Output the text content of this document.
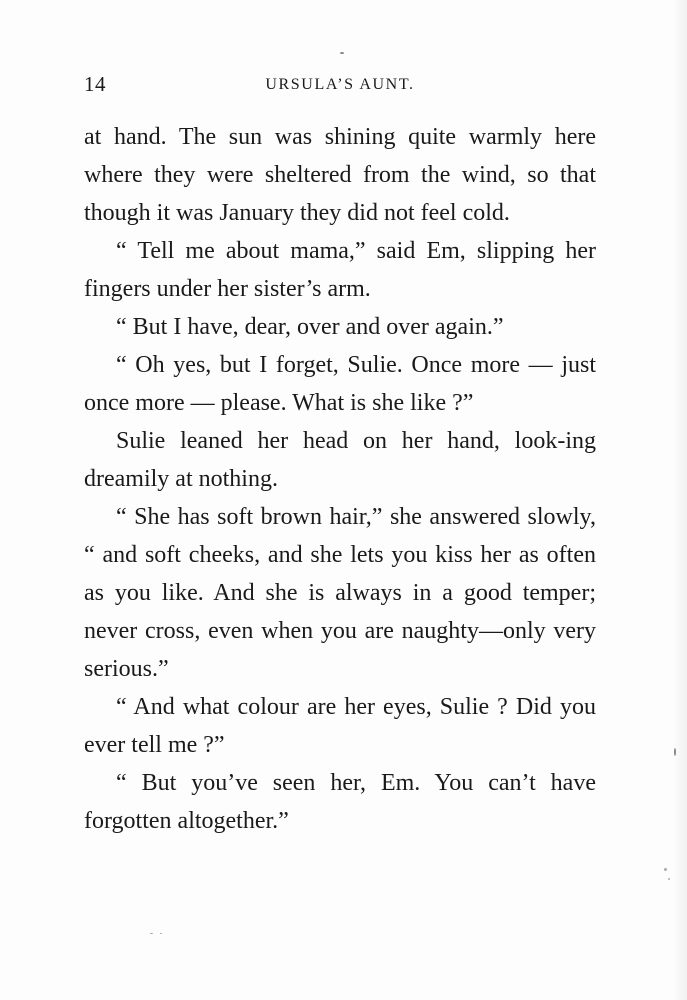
14	URSULA’S AUNT.

at hand. The sun was shining quite warmly here where they were sheltered from the wind, so that though it was January they did not feel cold.

“ Tell me about mama,” said Em, slipping her fingers under her sister’s arm.

“ But I have, dear, over and over again.”

“ Oh yes, but I forget, Sulie. Once more — just once more — please. What is she like ?”

Sulie leaned her head on her hand, look-ing dreamily at nothing.

“ She has soft brown hair,” she answered slowly, “ and soft cheeks, and she lets you kiss her as often as you like. And she is always in a good temper; never cross, even when you are naughty—only very serious.”

“ And what colour are her eyes, Sulie ? Did you ever tell me ?”

“ But you’ve seen her, Em. You can’t have forgotten altogether.”
